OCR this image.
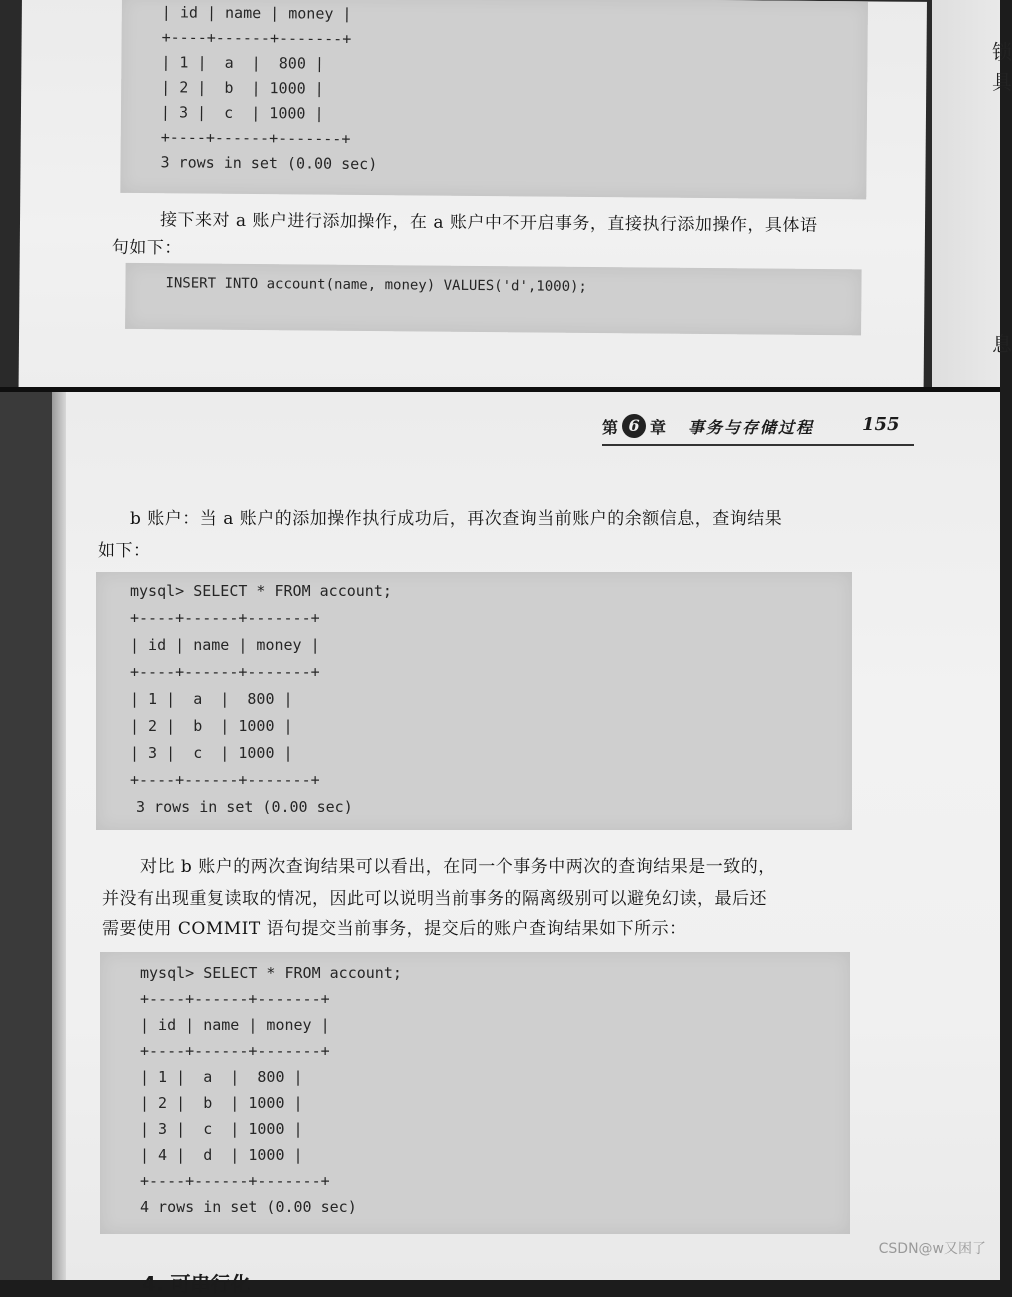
| id | name | money |
+----+------+-------+
| 1 |  a  |  800 |
| 2 |  b  | 1000 |
| 3 |  c  | 1000 |
+----+------+-------+
3 rows in set (0.00 sec)
接下来对 a 账户进行添加操作，在 a 账户中不开启事务，直接执行添加操作，具体语
句如下：
INSERT INTO account(name, money) VALUES('d',1000);
锁
具
息
第 6 章 事务与存储过程	155
b 账户：当 a 账户的添加操作执行成功后，再次查询当前账户的余额信息，查询结果
如下：
mysql> SELECT * FROM account;
+----+------+-------+
| id | name | money |
+----+------+-------+
| 1 |  a  |  800 |
| 2 |  b  | 1000 |
| 3 |  c  | 1000 |
+----+------+-------+
3 rows in set (0.00 sec)
对比 b 账户的两次查询结果可以看出，在同一个事务中两次的查询结果是一致的，
并没有出现重复读取的情况，因此可以说明当前事务的隔离级别可以避免幻读，最后还
需要使用 COMMIT 语句提交当前事务，提交后的账户查询结果如下所示：
mysql> SELECT * FROM account;
+----+------+-------+
| id | name | money |
+----+------+-------+
| 1 |  a  |  800 |
| 2 |  b  | 1000 |
| 3 |  c  | 1000 |
| 4 |  d  | 1000 |
+----+------+-------+
4 rows in set (0.00 sec)
4. 可串行化
CSDN@w又困了
